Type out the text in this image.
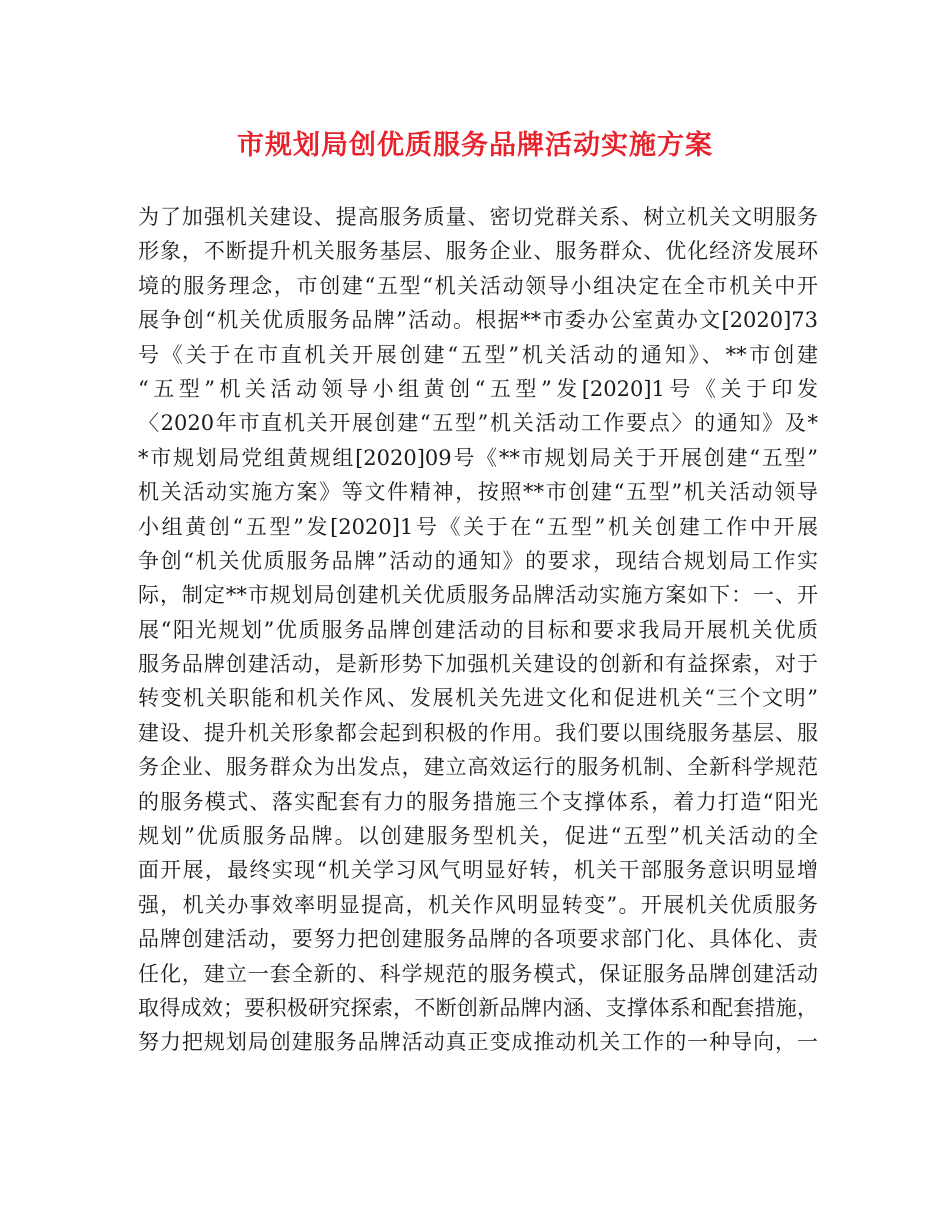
市规划局创优质服务品牌活动实施方案
为了加强机关建设、提高服务质量、密切党群关系、树立机关文明服务
形象，不断提升机关服务基层、服务企业、服务群众、优化经济发展环
境的服务理念，市创建“五型“机关活动领导小组决定在全市机关中开
展争创“机关优质服务品牌”活动。根据**市委办公室黄办文[2020]73
号《关于在市直机关开展创建“五型”机关活动的通知》、**市创建
“五型”机关活动领导小组黄创“五型”发[2020]1号《关于印发
〈2020年市直机关开展创建“五型”机关活动工作要点〉的通知》及*
*市规划局党组黄规组[2020]09号《**市规划局关于开展创建“五型”
机关活动实施方案》等文件精神，按照**市创建“五型”机关活动领导
小组黄创“五型”发[2020]1号《关于在“五型”机关创建工作中开展
争创“机关优质服务品牌”活动的通知》的要求，现结合规划局工作实
际，制定**市规划局创建机关优质服务品牌活动实施方案如下：一、开
展“阳光规划”优质服务品牌创建活动的目标和要求我局开展机关优质
服务品牌创建活动，是新形势下加强机关建设的创新和有益探索，对于
转变机关职能和机关作风、发展机关先进文化和促进机关“三个文明”
建设、提升机关形象都会起到积极的作用。我们要以围绕服务基层、服
务企业、服务群众为出发点，建立高效运行的服务机制、全新科学规范
的服务模式、落实配套有力的服务措施三个支撑体系，着力打造“阳光
规划”优质服务品牌。以创建服务型机关，促进“五型”机关活动的全
面开展，最终实现“机关学习风气明显好转，机关干部服务意识明显增
强，机关办事效率明显提高，机关作风明显转变”。开展机关优质服务
品牌创建活动，要努力把创建服务品牌的各项要求部门化、具体化、责
任化，建立一套全新的、科学规范的服务模式，保证服务品牌创建活动
取得成效；要积极研究探索，不断创新品牌内涵、支撑体系和配套措施，
努力把规划局创建服务品牌活动真正变成推动机关工作的一种导向，一
